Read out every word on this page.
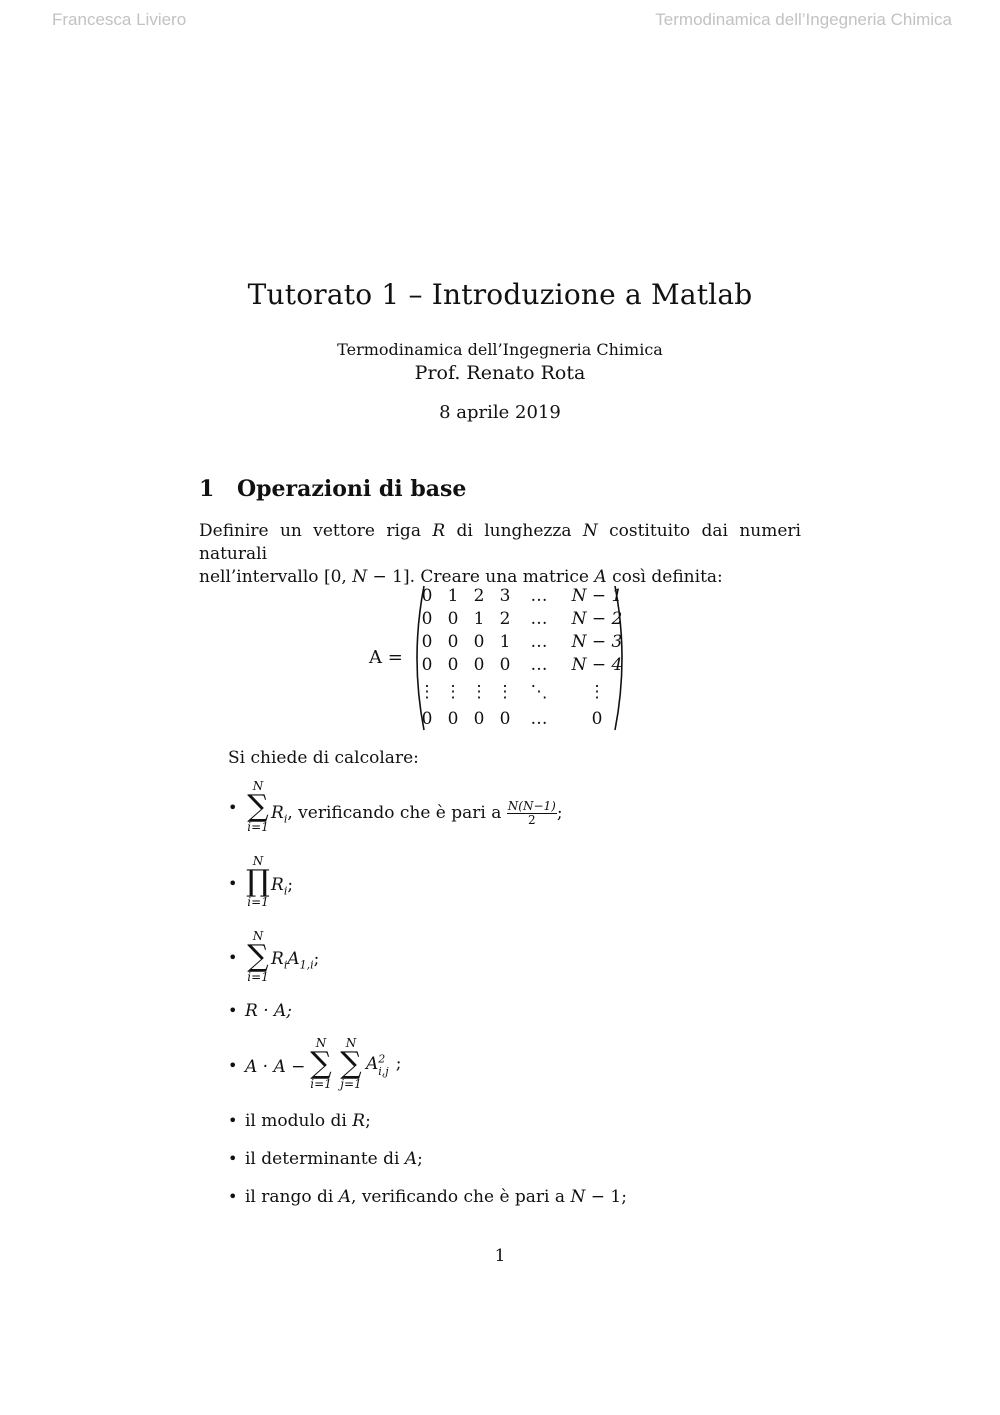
Francesca Liviero	Termodinamica dell’Ingegneria Chimica
Tutorato 1 – Introduzione a Matlab
Termodinamica dell’Ingegneria Chimica
Prof. Renato Rota
8 aprile 2019
1 Operazioni di base

Definire un vettore riga R di lunghezza N costituito dai numeri naturali

nell’intervallo [0, N − 1]. Creare una matrice A così definita:

A =
0 1 2 3	…	N − 1
0 0 1 2	…	N − 2
0 0 0 1	…	N − 3
0 0 0 0	…	N − 4
⋮ ⋮ ⋮ ⋮	⋱	⋮
0 0 0 0	…	0
Si chiede di calcolare:
•
N
∑
i=1
$R_i$, verificando che è pari a $\frac{N(N-1)}{2}$ ;
•
N
∏
i=1
$R_i$;
•
N
∑
i=1
$R_iA_{1,i}$;
• R · A;
• A · A −
N
∑
i=1
N
∑
j=1
$A^2_{i,j}$ ;
• il modulo di R;
• il determinante di A;
• il rango di A, verificando che è pari a N − 1;
1
